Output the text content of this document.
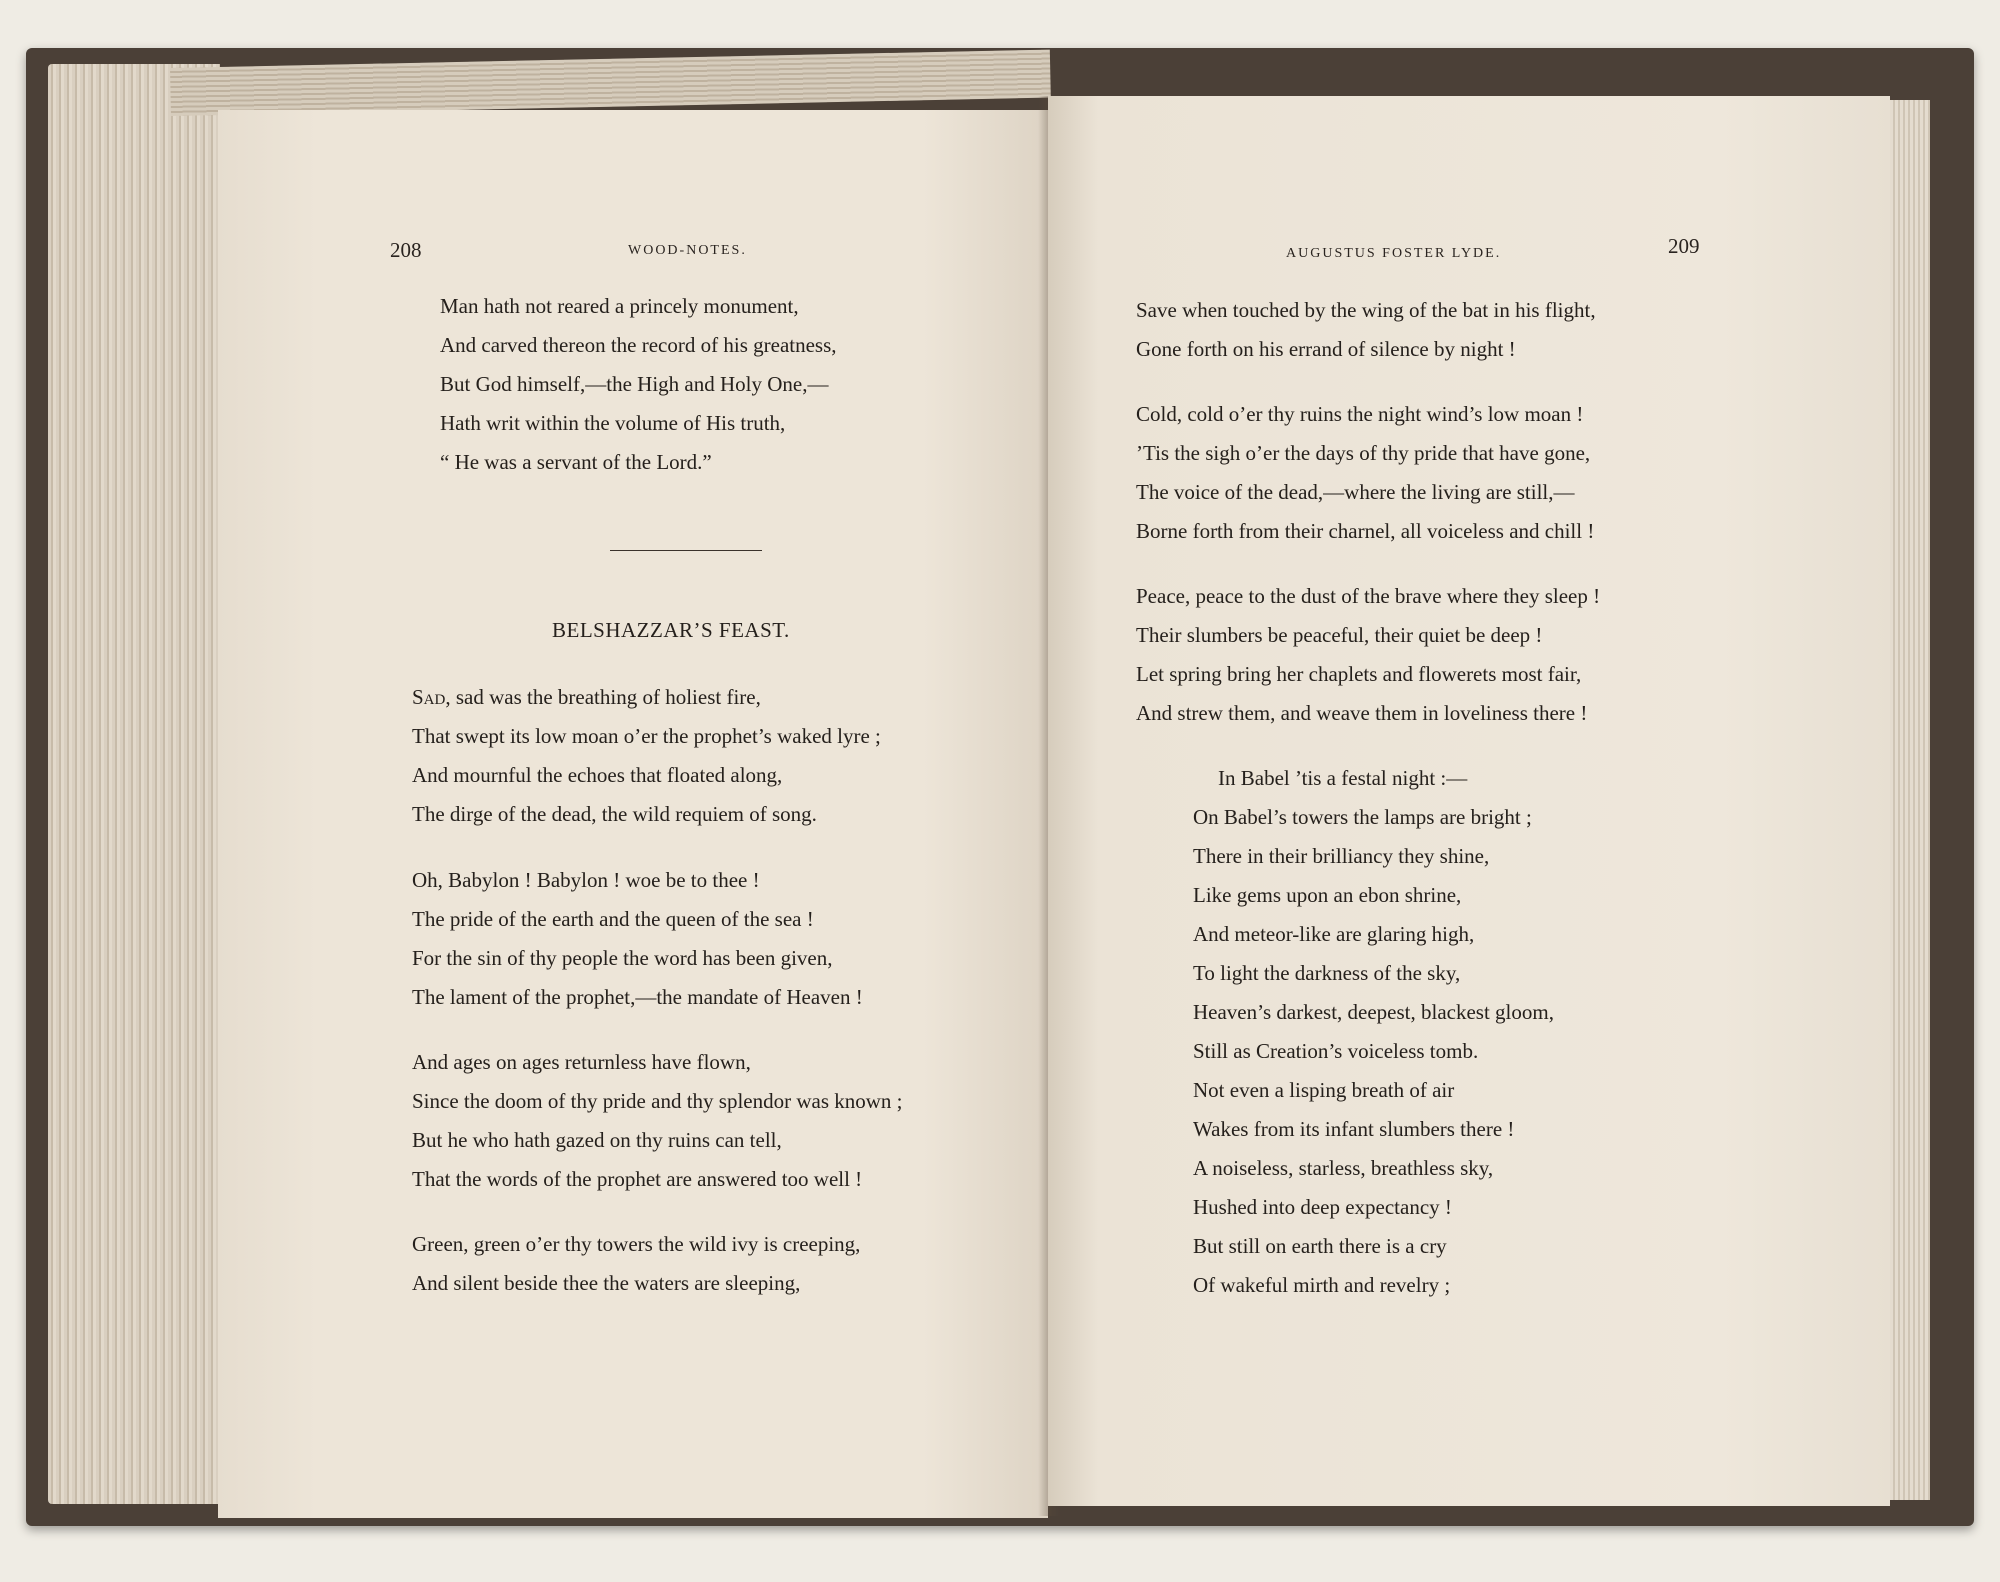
208	WOOD-NOTES.
Man hath not reared a princely monument,
And carved thereon the record of his greatness,
But God himself,—the High and Holy One,—
Hath writ within the volume of His truth,
“ He was a servant of the Lord.”
BELSHAZZAR’S FEAST.
Sad, sad was the breathing of holiest fire,
That swept its low moan o’er the prophet’s waked lyre ;
And mournful the echoes that floated along,
The dirge of the dead, the wild requiem of song.
Oh, Babylon ! Babylon ! woe be to thee !
The pride of the earth and the queen of the sea !
For the sin of thy people the word has been given,
The lament of the prophet,—the mandate of Heaven !
And ages on ages returnless have flown,
Since the doom of thy pride and thy splendor was known ;
But he who hath gazed on thy ruins can tell,
That the words of the prophet are answered too well !
Green, green o’er thy towers the wild ivy is creeping,
And silent beside thee the waters are sleeping,
AUGUSTUS FOSTER LYDE.	209
Save when touched by the wing of the bat in his flight,
Gone forth on his errand of silence by night !
Cold, cold o’er thy ruins the night wind’s low moan !
’Tis the sigh o’er the days of thy pride that have gone,
The voice of the dead,—where the living are still,—
Borne forth from their charnel, all voiceless and chill !
Peace, peace to the dust of the brave where they sleep !
Their slumbers be peaceful, their quiet be deep !
Let spring bring her chaplets and flowerets most fair,
And strew them, and weave them in loveliness there !
In Babel ’tis a festal night :—
On Babel’s towers the lamps are bright ;
There in their brilliancy they shine,
Like gems upon an ebon shrine,
And meteor-like are glaring high,
To light the darkness of the sky,
Heaven’s darkest, deepest, blackest gloom,
Still as Creation’s voiceless tomb.
Not even a lisping breath of air
Wakes from its infant slumbers there !
A noiseless, starless, breathless sky,
Hushed into deep expectancy !
But still on earth there is a cry
Of wakeful mirth and revelry ;
